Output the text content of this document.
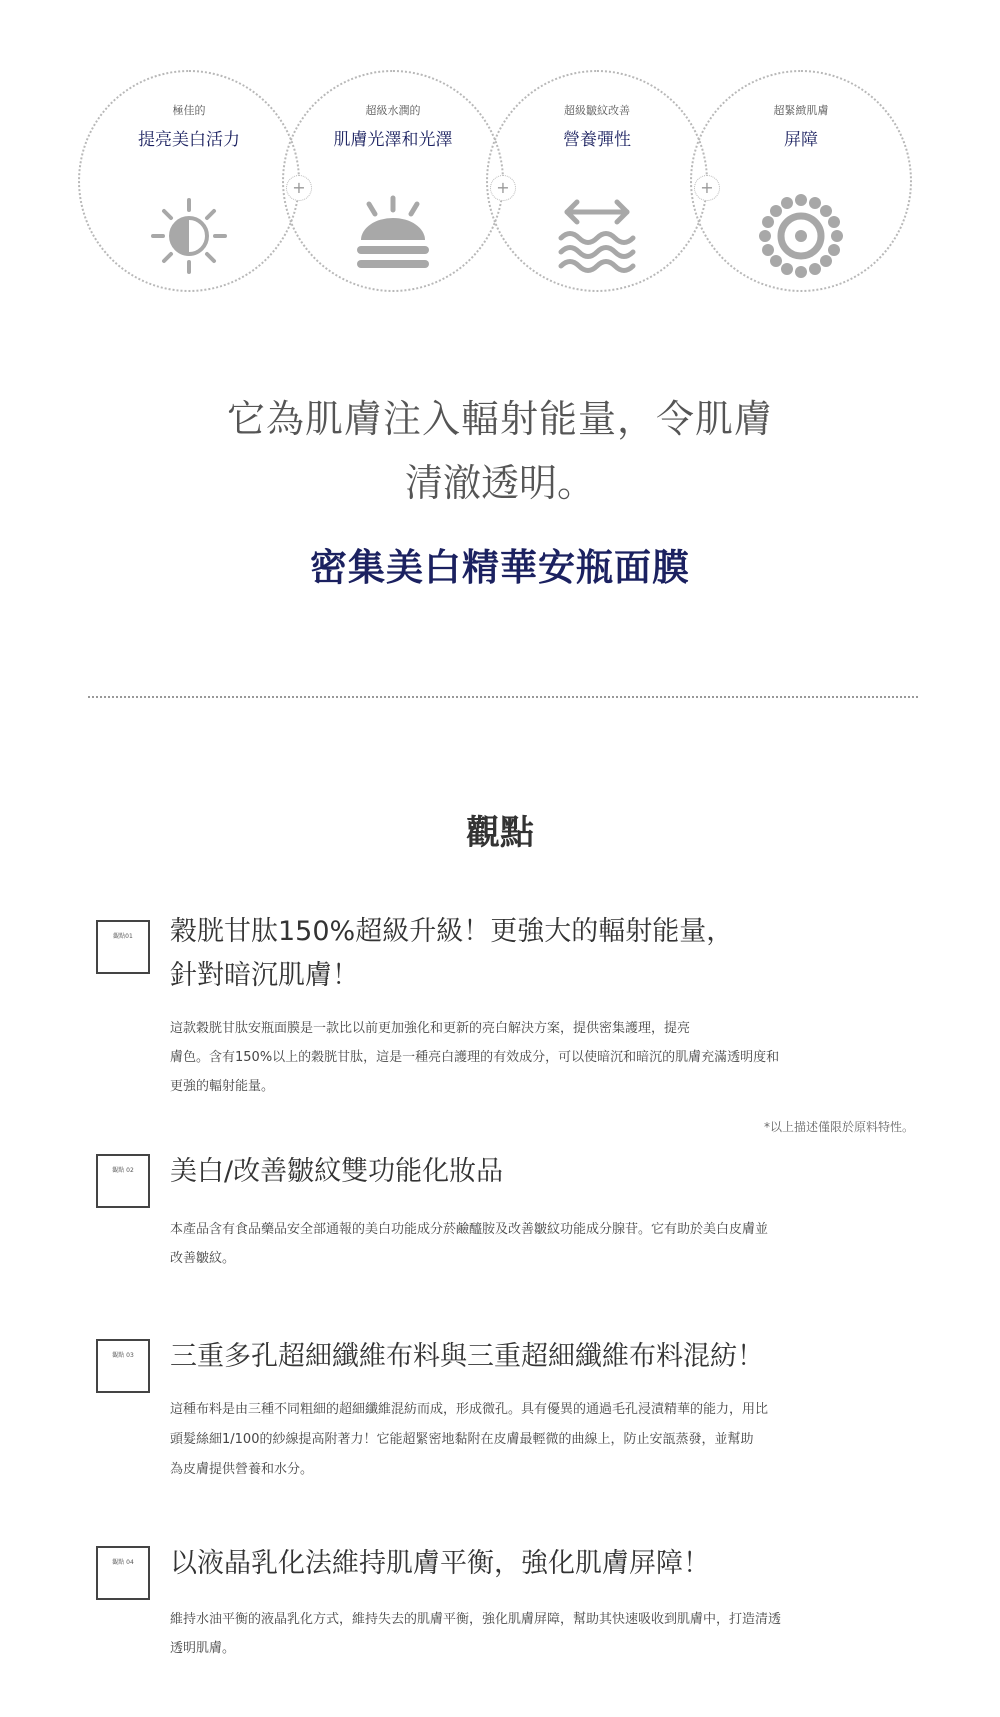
極佳的
提亮美白活力
超級水潤的
肌膚光澤和光澤
超級皺紋改善
營養彈性
超緊緻肌膚
屏障
+	+	+
它為肌膚注入輻射能量，令肌膚
清澈透明。
密集美白精華安瓶面膜
觀點
觀點01	穀胱甘肽150%超級升級！更強大的輻射能量，
針對暗沉肌膚！
這款穀胱甘肽安瓶面膜是一款比以前更加強化和更新的亮白解決方案，提供密集護理，提亮
膚色。含有150%以上的穀胱甘肽，這是一種亮白護理的有效成分，可以使暗沉和暗沉的肌膚充滿透明度和
更強的輻射能量。
*以上描述僅限於原料特性。
觀點 02	美白/改善皺紋雙功能化妝品
本產品含有食品藥品安全部通報的美白功能成分菸鹼醯胺及改善皺紋功能成分腺苷。它有助於美白皮膚並
改善皺紋。
觀點 03	三重多孔超細纖維布料與三重超細纖維布料混紡！
這種布料是由三種不同粗細的超細纖維混紡而成，形成微孔。具有優異的通過毛孔浸漬精華的能力，用比
頭髮絲細1/100的紗線提高附著力！它能超緊密地黏附在皮膚最輕微的曲線上，防止安瓿蒸發，並幫助
為皮膚提供營養和水分。
觀點 04	以液晶乳化法維持肌膚平衡，強化肌膚屏障！
維持水油平衡的液晶乳化方式，維持失去的肌膚平衡，強化肌膚屏障，幫助其快速吸收到肌膚中，打造清透
透明肌膚。
